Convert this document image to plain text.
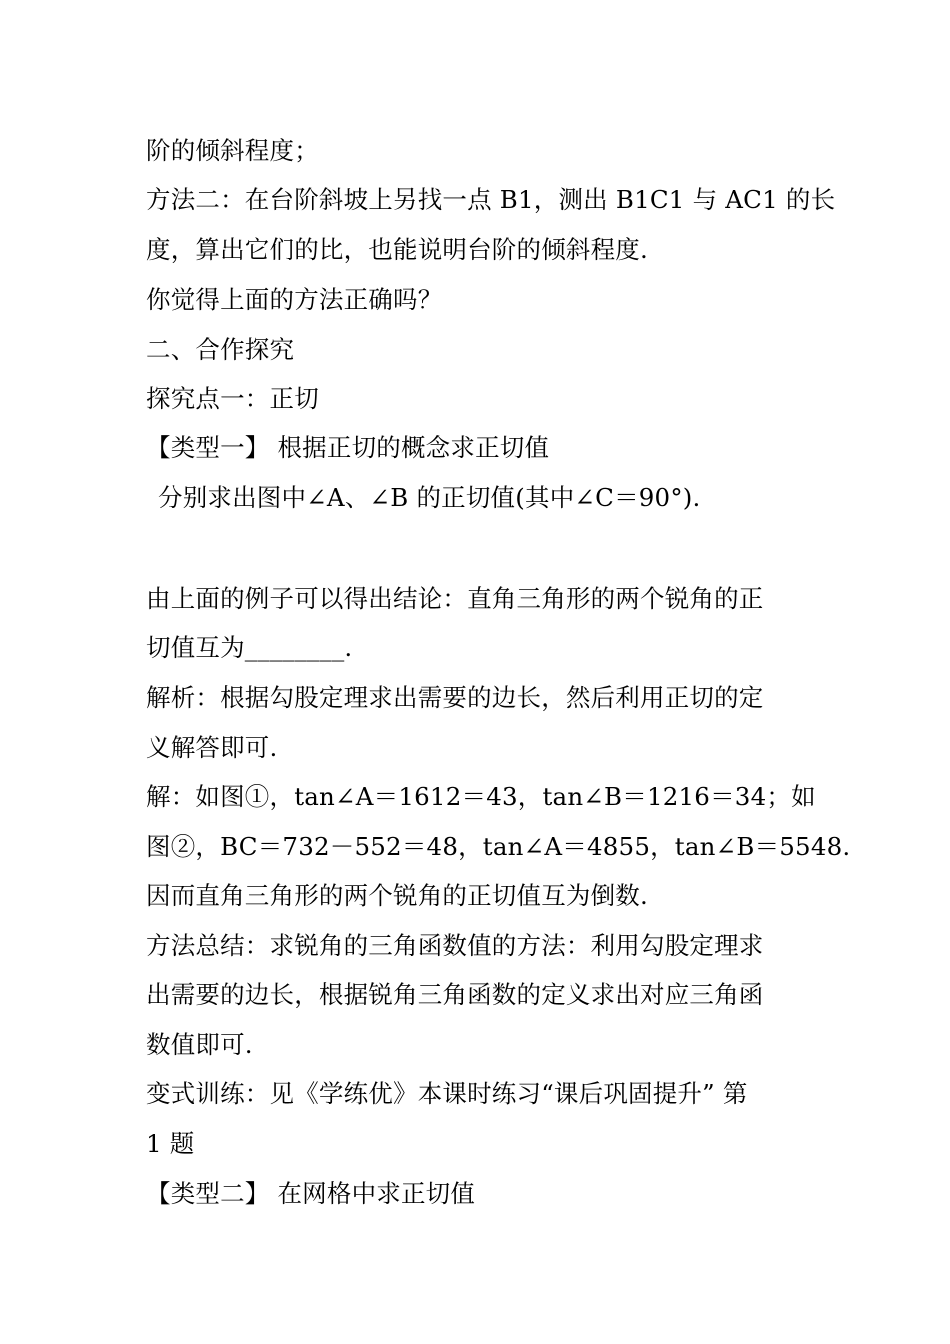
阶的倾斜程度；
方法二：在台阶斜坡上另找一点 B1，测出 B1C1 与 AC1 的长
度，算出它们的比，也能说明台阶的倾斜程度.
你觉得上面的方法正确吗？
二、合作探究
探究点一：正切
【类型一】 根据正切的概念求正切值
分别求出图中∠A、∠B 的正切值(其中∠C＝90°).
由上面的例子可以得出结论：直角三角形的两个锐角的正
切值互为________.
解析：根据勾股定理求出需要的边长，然后利用正切的定
义解答即可.
解：如图①，tan∠A＝1612＝43，tan∠B＝1216＝34；如
图②，BC＝732－552＝48，tan∠A＝4855，tan∠B＝5548.
因而直角三角形的两个锐角的正切值互为倒数.
方法总结：求锐角的三角函数值的方法：利用勾股定理求
出需要的边长，根据锐角三角函数的定义求出对应三角函
数值即可.
变式训练：见《学练优》本课时练习“课后巩固提升” 第
1 题
【类型二】 在网格中求正切值
